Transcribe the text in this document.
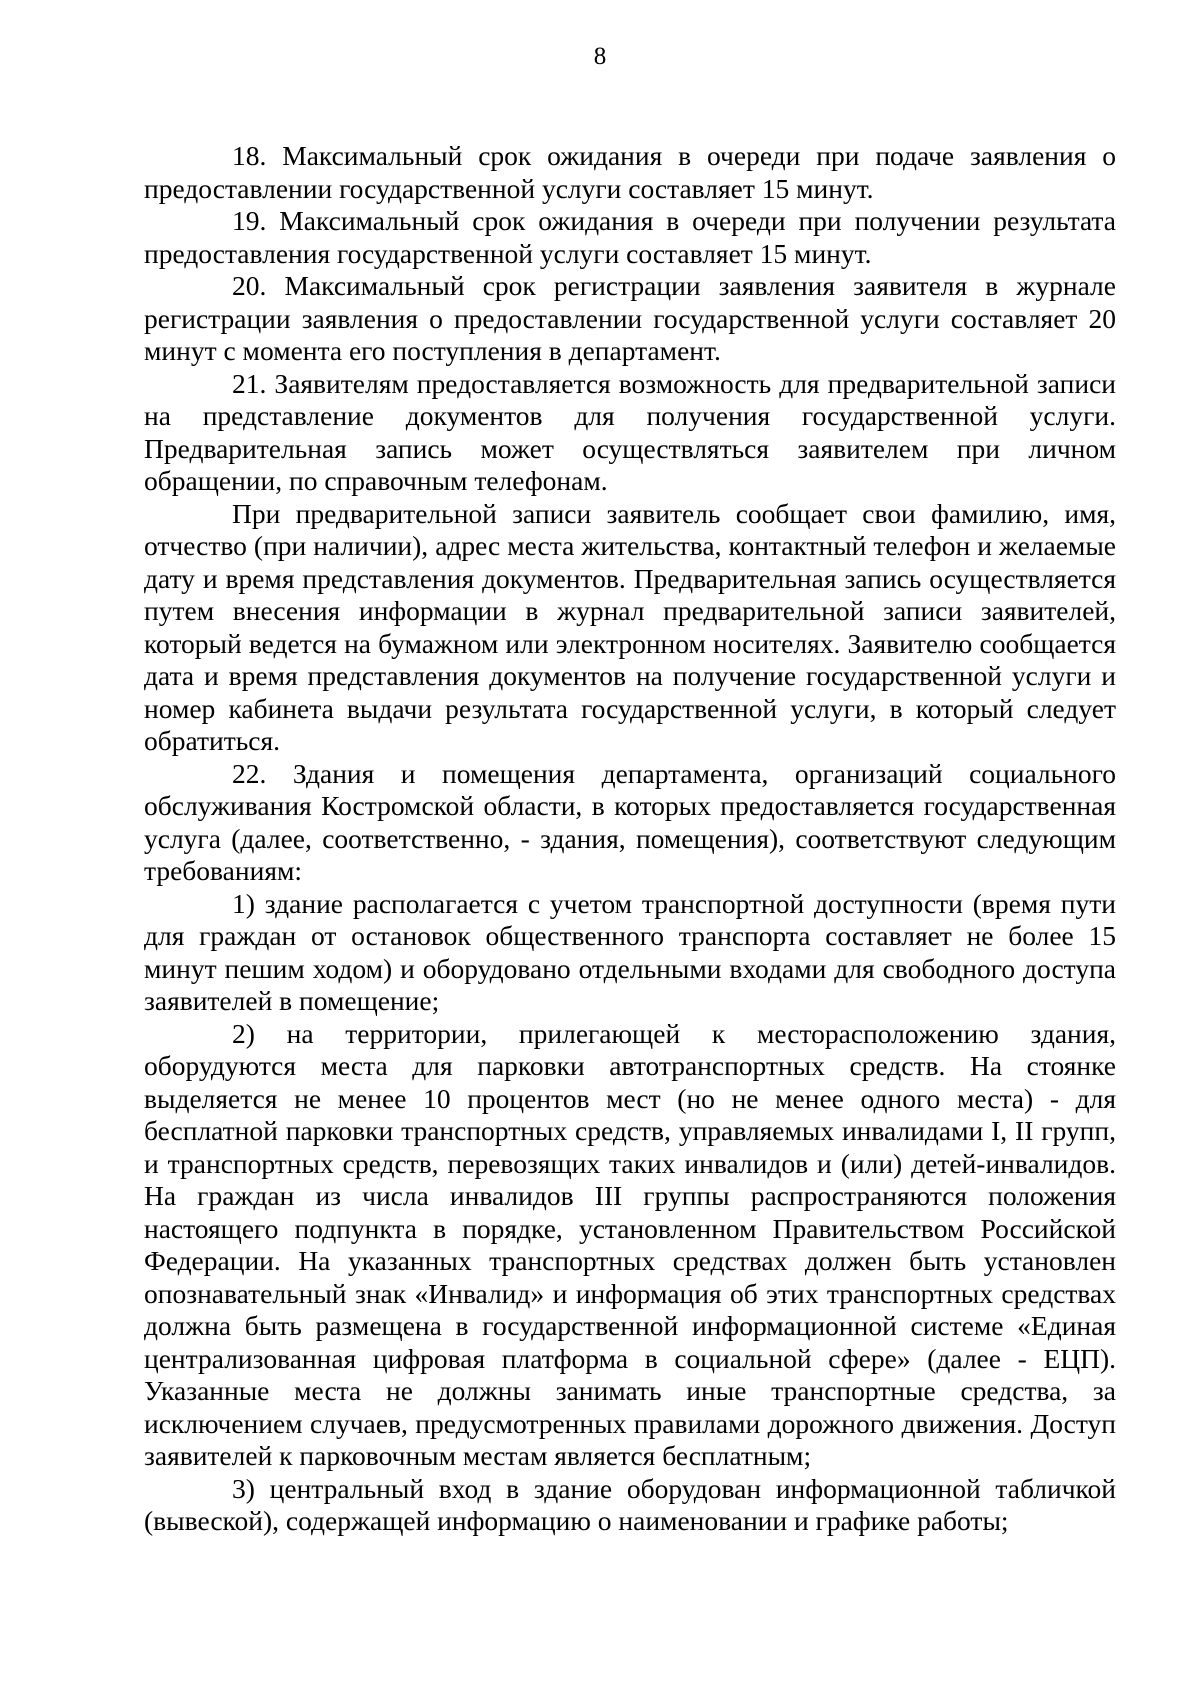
8

18. Максимальный срок ожидания в очереди при подаче заявления о предоставлении государственной услуги составляет 15 минут.

19. Максимальный срок ожидания в очереди при получении результата предоставления государственной услуги составляет 15 минут.

20. Максимальный срок регистрации заявления заявителя в журнале регистрации заявления о предоставлении государственной услуги составляет 20 минут с момента его поступления в департамент.

21. Заявителям предоставляется возможность для предварительной записи на представление документов для получения государственной услуги. Предварительная запись может осуществляться заявителем при личном обращении, по справочным телефонам.

При предварительной записи заявитель сообщает свои фамилию, имя, отчество (при наличии), адрес места жительства, контактный телефон и желаемые дату и время представления документов. Предварительная запись осуществляется путем внесения информации в журнал предварительной записи заявителей, который ведется на бумажном или электронном носителях. Заявителю сообщается дата и время представления документов на получение государственной услуги и номер кабинета выдачи результата государственной услуги, в который следует обратиться.

22. Здания и помещения департамента, организаций социального обслуживания Костромской области, в которых предоставляется государственная услуга (далее, соответственно, - здания, помещения), соответствуют следующим требованиям:

1) здание располагается с учетом транспортной доступности (время пути для граждан от остановок общественного транспорта составляет не более 15 минут пешим ходом) и оборудовано отдельными входами для свободного доступа заявителей в помещение;

2) на территории, прилегающей к месторасположению здания, оборудуются места для парковки автотранспортных средств. На стоянке выделяется не менее 10 процентов мест (но не менее одного места) - для бесплатной парковки транспортных средств, управляемых инвалидами I, II групп, и транспортных средств, перевозящих таких инвалидов и (или) детей-инвалидов. На граждан из числа инвалидов III группы распространяются положения настоящего подпункта в порядке, установленном Правительством Российской Федерации. На указанных транспортных средствах должен быть установлен опознавательный знак «Инвалид» и информация об этих транспортных средствах должна быть размещена в государственной информационной системе «Единая централизованная цифровая платформа в социальной сфере» (далее - ЕЦП). Указанные места не должны занимать иные транспортные средства, за исключением случаев, предусмотренных правилами дорожного движения. Доступ заявителей к парковочным местам является бесплатным;

3) центральный вход в здание оборудован информационной табличкой (вывеской), содержащей информацию о наименовании и графике работы;
